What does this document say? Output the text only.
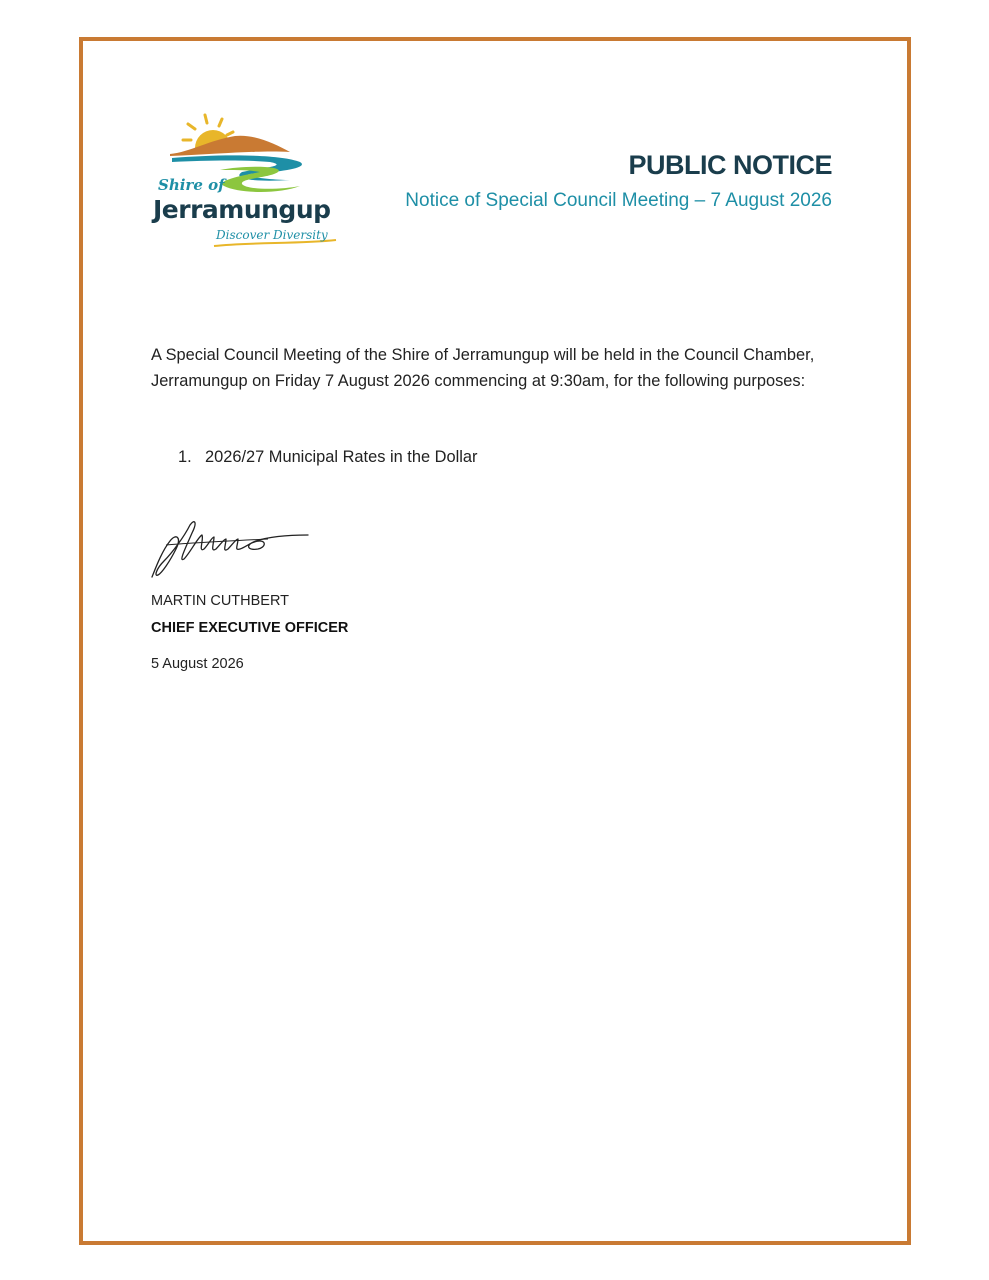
Shire of
Jerramungup
Discover Diversity
PUBLIC NOTICE
Notice of Special Council Meeting – 7 August 2026
A Special Council Meeting of the Shire of Jerramungup will be held in the Council Chamber,
Jerramungup on Friday 7 August 2026 commencing at 9:30am, for the following purposes:
1. 2026/27 Municipal Rates in the Dollar
MARTIN CUTHBERT
CHIEF EXECUTIVE OFFICER
5 August 2026
